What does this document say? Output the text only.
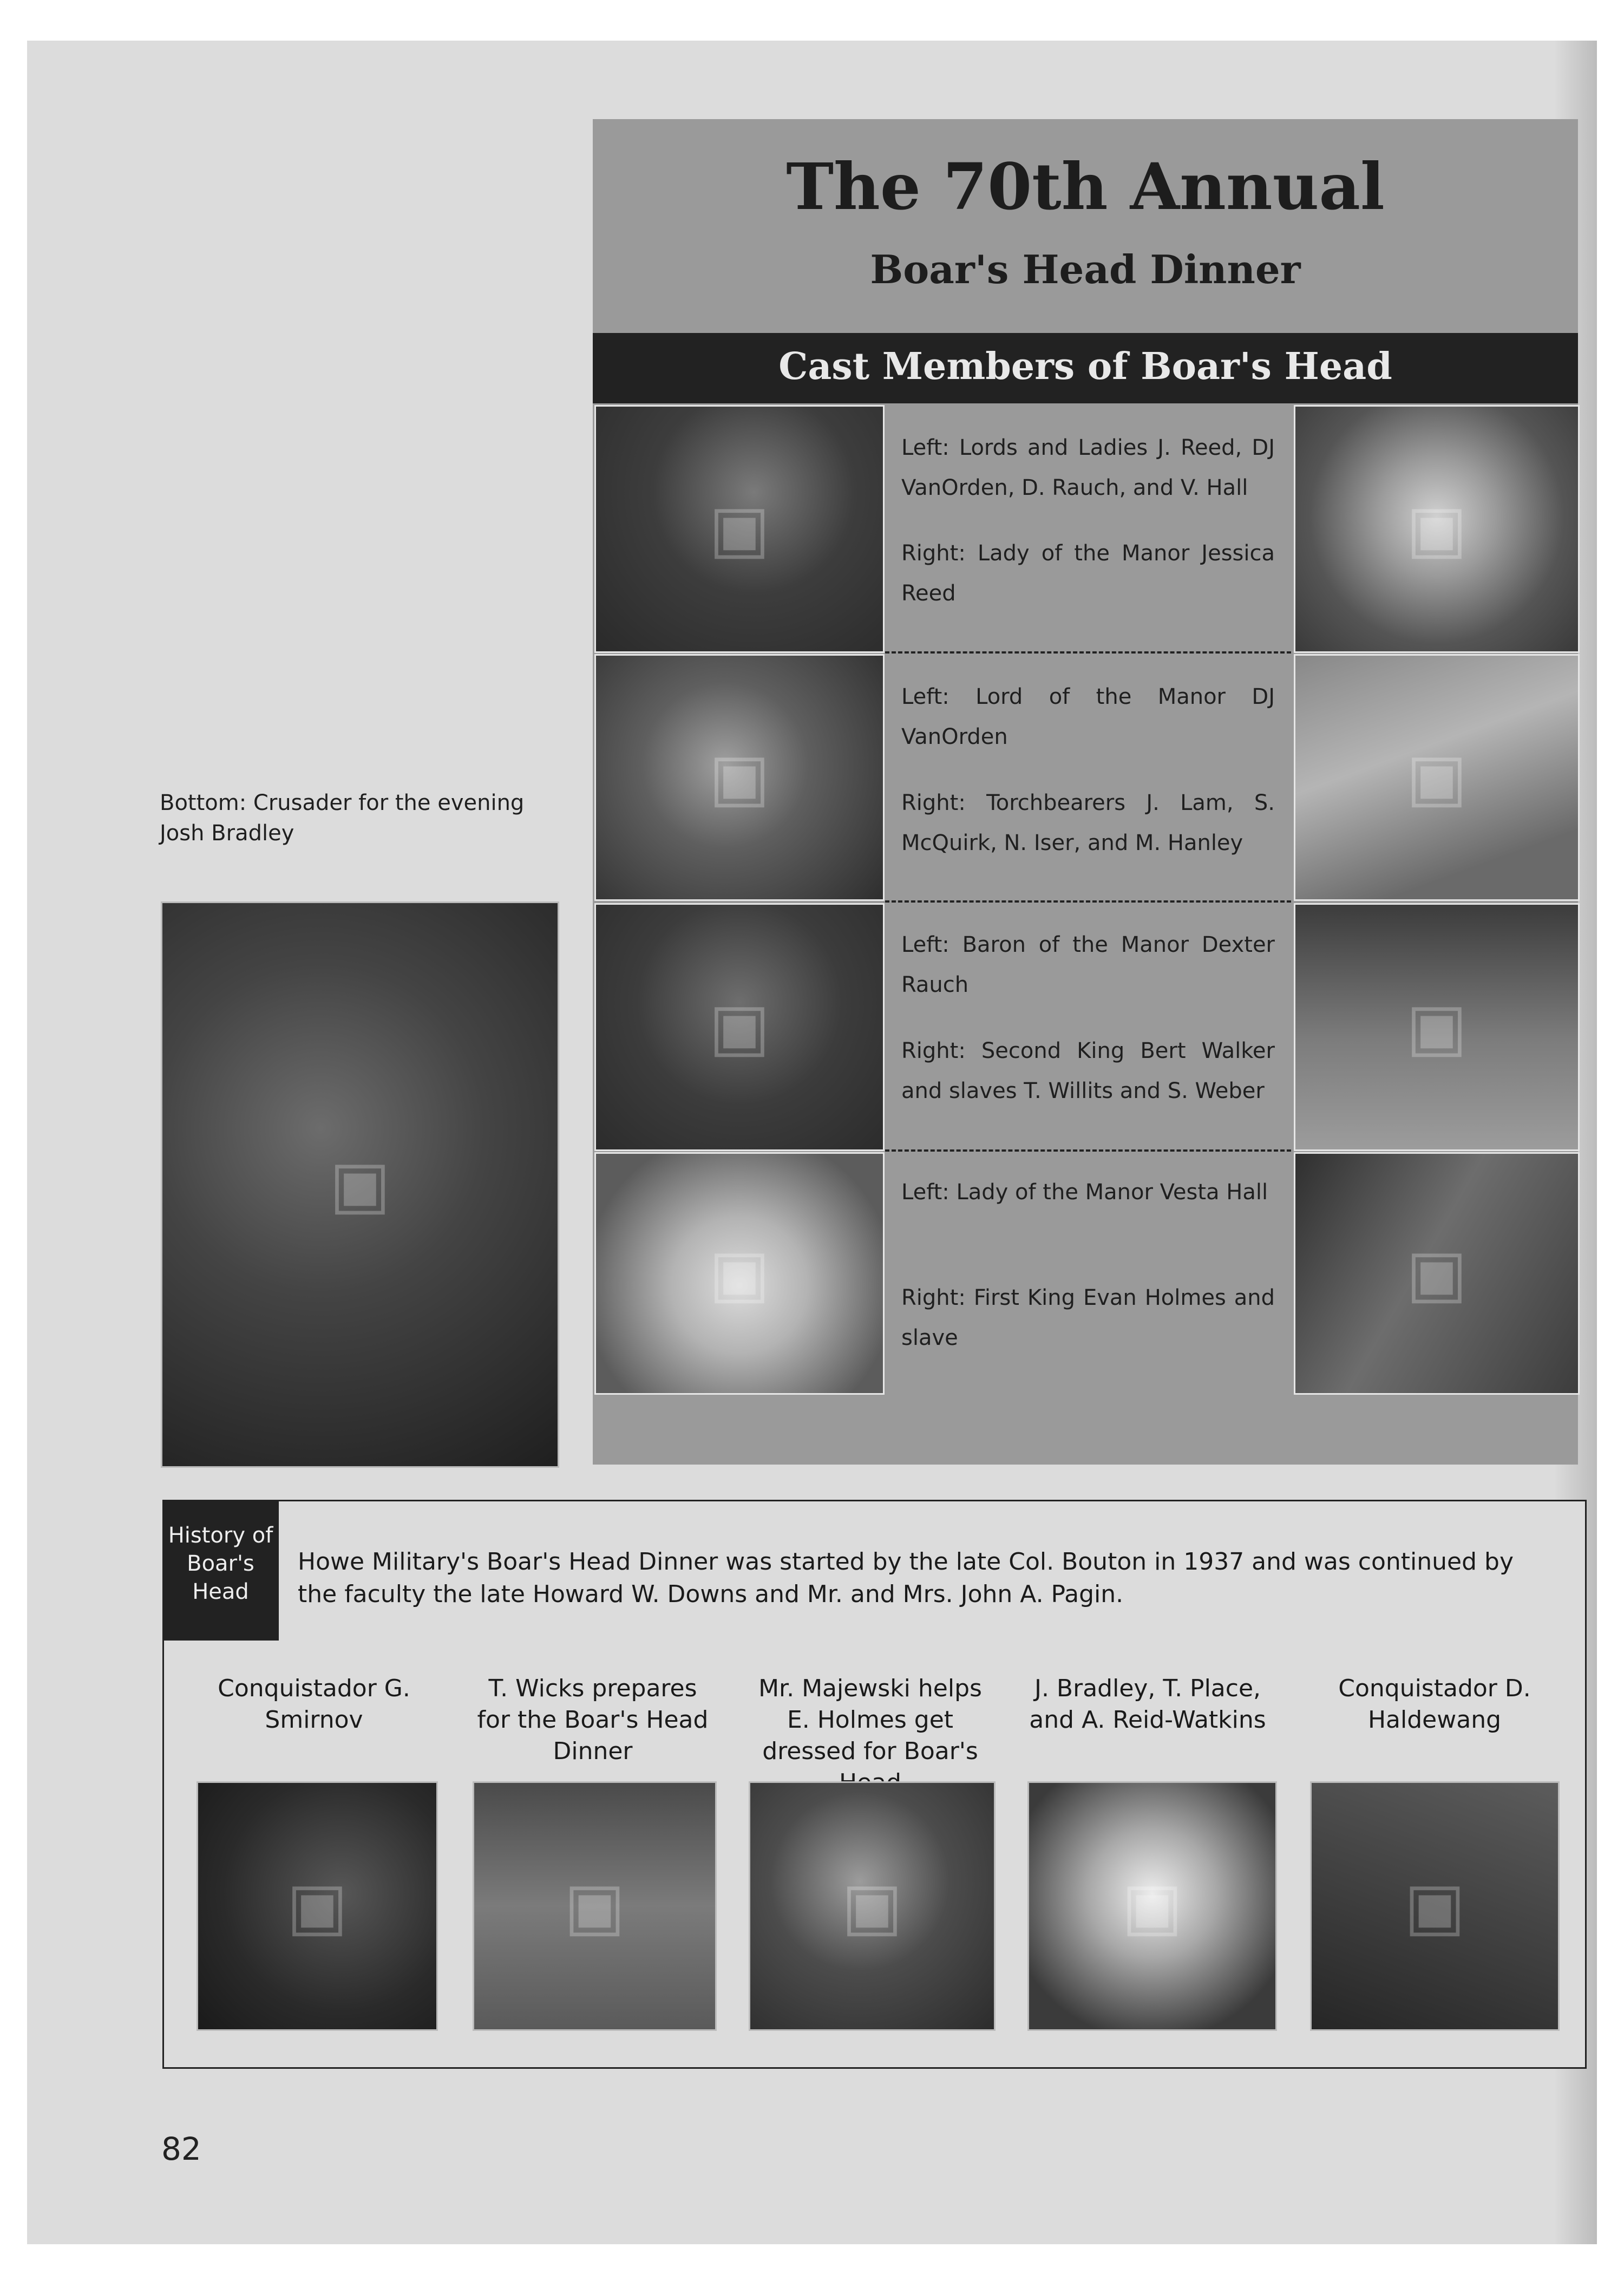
The 70th Annual
Boar's Head Dinner
Cast Members of Boar's Head
▣
Left: Lords and Ladies J. Reed, DJ VanOrden, D. Rauch, and V. Hall
Right: Lady of the Manor Jessica Reed
▣
▣
Left: Lord of the Manor DJ VanOrden
Right: Torchbearers J. Lam, S. McQuirk, N. Iser, and M. Hanley
▣
▣
Left: Baron of the Manor Dexter Rauch
Right: Second King Bert Walker and slaves T. Willits and S. Weber
▣
▣
Left: Lady of the Manor Vesta Hall
Right: First King Evan Holmes and slave
▣
Bottom: Crusader for the evening Josh Bradley
▣
History of Boar's Head
Howe Military's Boar's Head Dinner was started by the late Col. Bouton in 1937 and was continued by the faculty the late Howard W. Downs and Mr. and Mrs. John A. Pagin.
Conquistador G. Smirnov
T. Wicks prepares for the Boar's Head Dinner
Mr. Majewski helps E. Holmes get dressed for Boar's
J. Bradley, T. Place, and A. Reid-Watkins
Conquistador D. Haldewang
▣	▣	▣	▣	▣
82
